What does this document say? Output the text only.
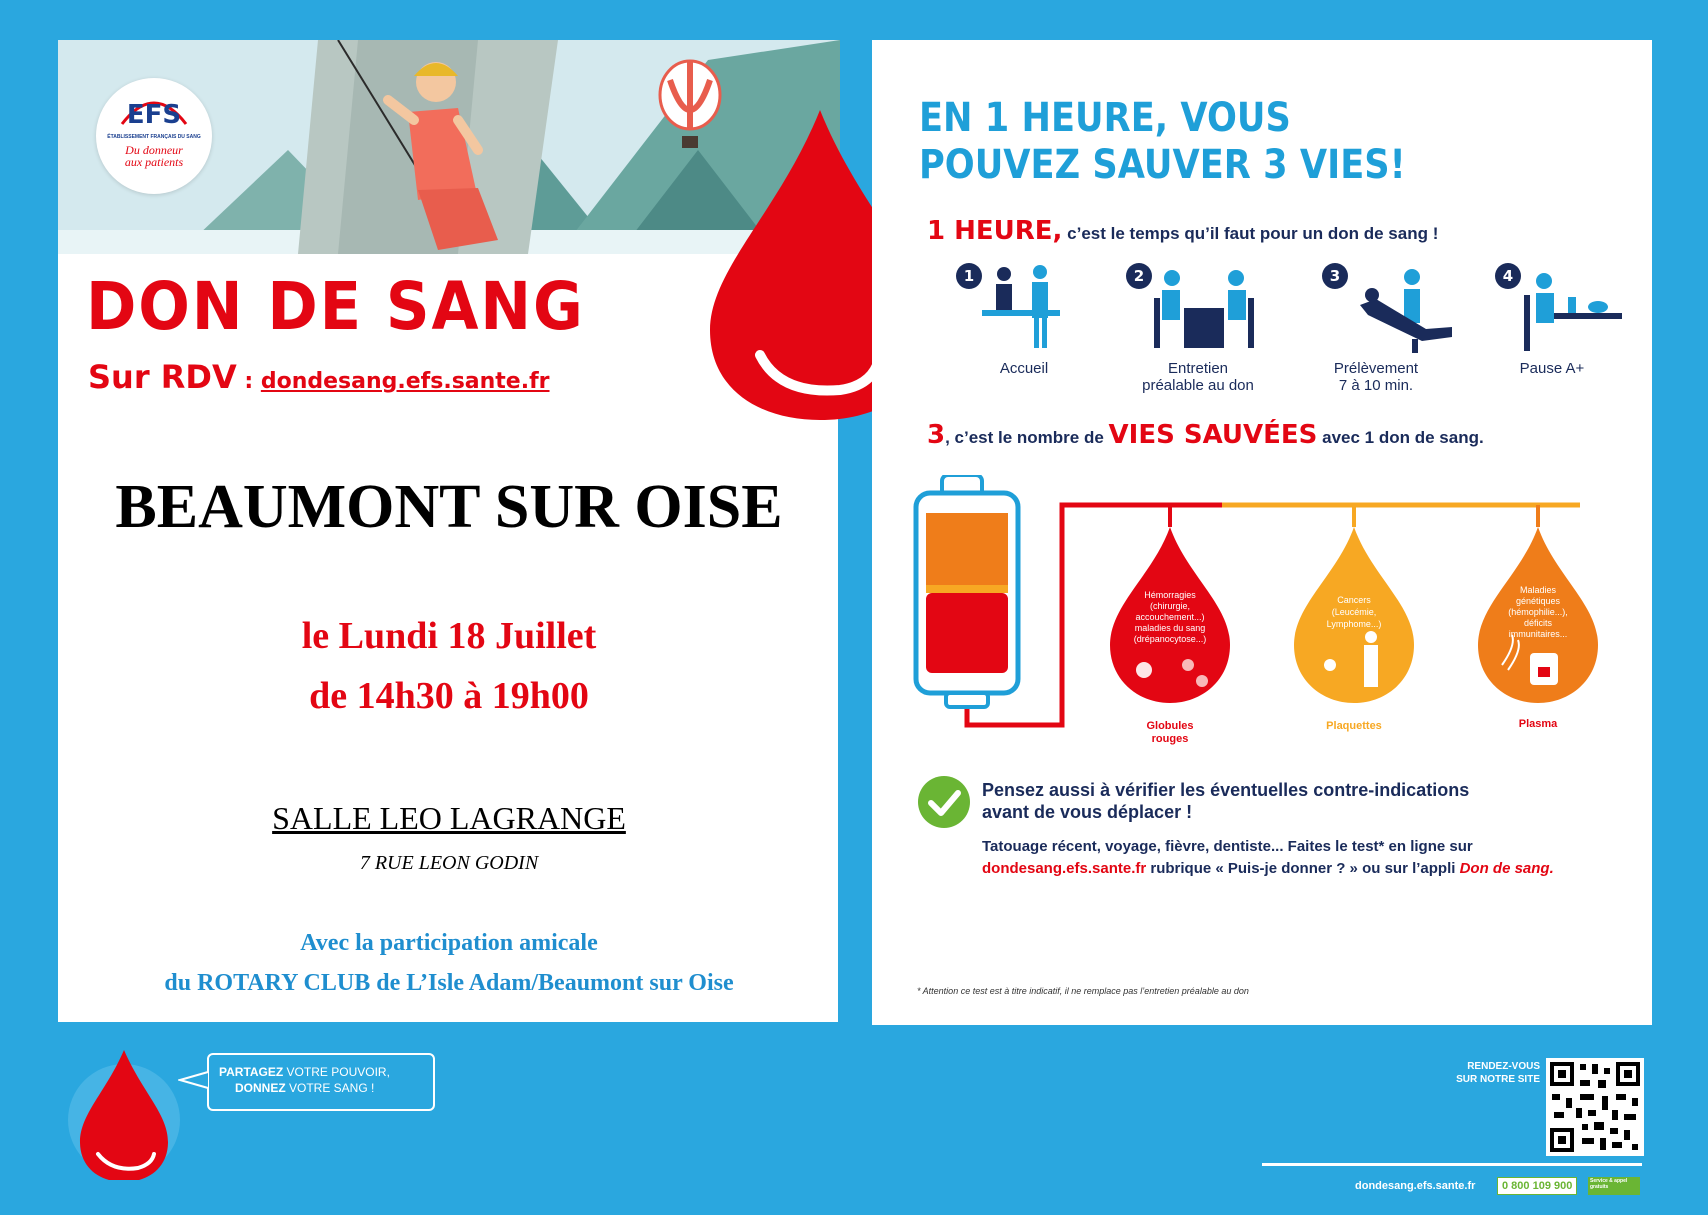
EFS
ÉTABLISSEMENT FRANÇAIS DU SANG
Du donneur
aux patients
DON DE SANG
Sur RDV : dondesang.efs.sante.fr
BEAUMONT SUR OISE
le Lundi 18 Juillet
de 14h30 à 19h00
SALLE LEO LAGRANGE
7 RUE LEON GODIN
Avec la participation amicale
du ROTARY CLUB de L’Isle Adam/Beaumont sur Oise
EN 1 HEURE, VOUS
POUVEZ SAUVER 3 VIES!
1 HEURE, c’est le temps qu’il faut pour un don de sang !
1
Accueil
2
Entretien
préalable au don
3
Prélèvement
7 à 10 min.
4
Pause A+
3, c’est le nombre de VIES SAUVÉES avec 1 don de sang.
Hémorragies
(chirurgie,
accouchement...)
maladies du sang
(drépanocytose...)
Globules
rouges
Cancers
(Leucémie,
Lymphome...)
Plaquettes
Maladies
génétiques
(hémophilie...),
déficits
immunitaires...
Plasma
Pensez aussi à vérifier les éventuelles contre-indications
avant de vous déplacer !
Tatouage récent, voyage, fièvre, dentiste... Faites le test* en ligne sur
dondesang.efs.sante.fr rubrique « Puis-je donner ? » ou sur l’appli Don de sang.
* Attention ce test est à titre indicatif, il ne remplace pas l’entretien préalable au don
PARTAGEZ VOTRE POUVOIR,
DONNEZ VOTRE SANG !
RENDEZ-VOUS
SUR NOTRE SITE
dondesang.efs.sante.fr	0 800 109 900	Service & appel gratuits
